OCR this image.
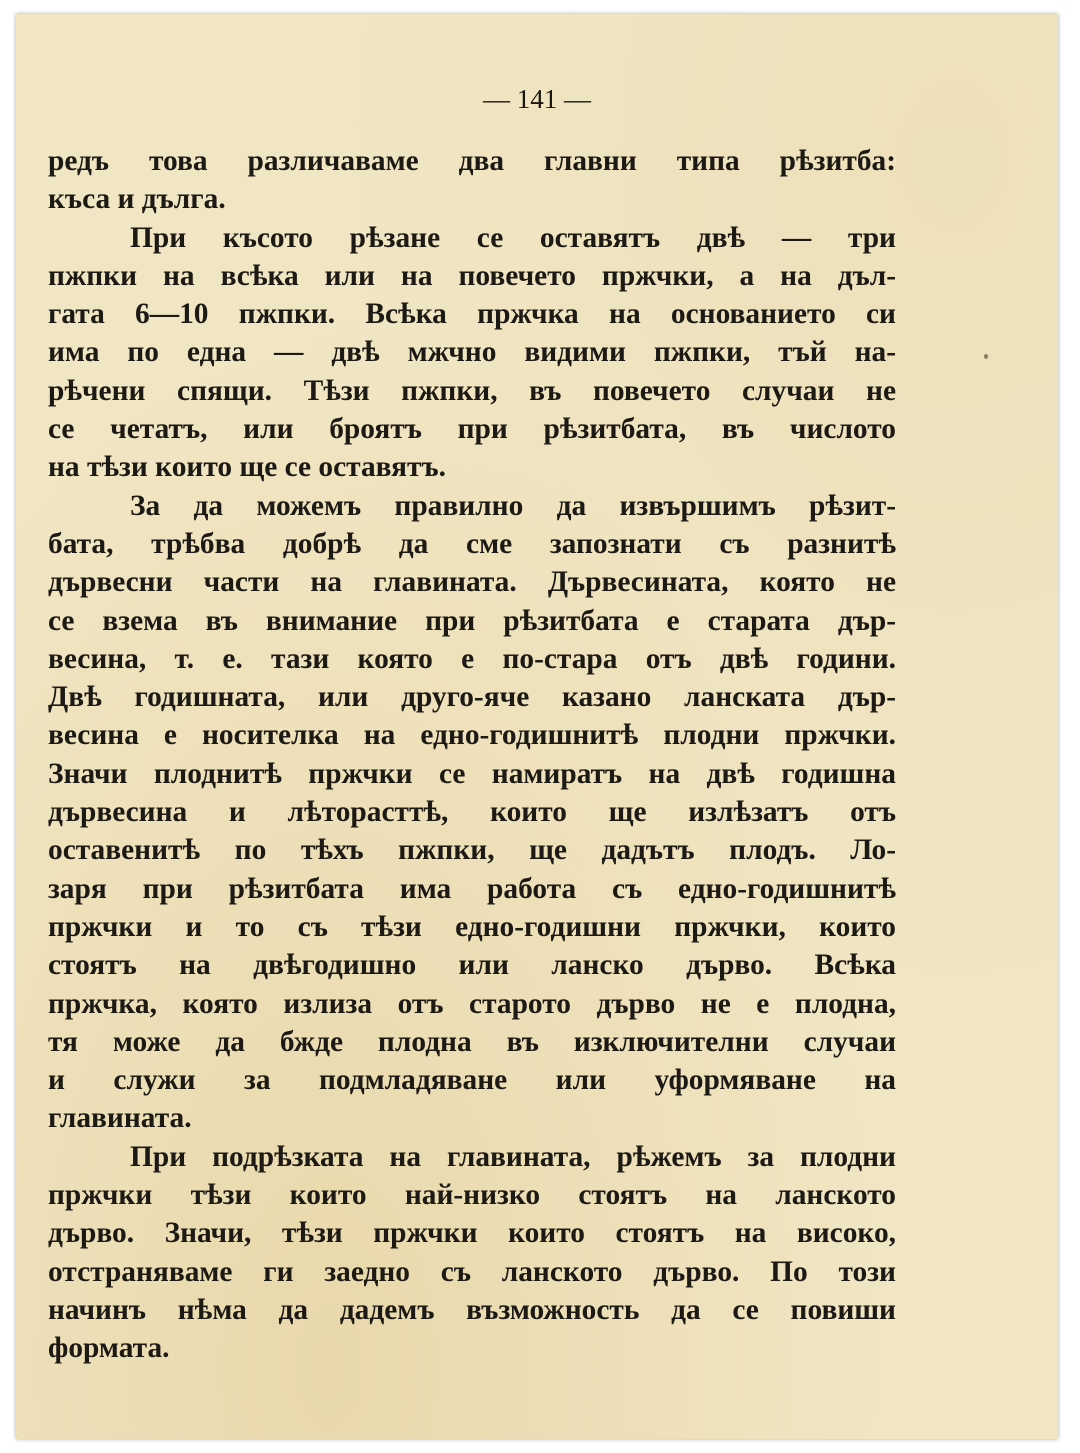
— 141 —

редъ това различаваме два главни типа рѣзитба:
къса и дълга.

При късото рѣзане се оставятъ двѣ — три
пжпки на всѣка или на повечето пржчки, а на дъл-
гата 6—10 пжпки. Всѣка пржчка на основанието си
има по една — двѣ мжчно видими пжпки, тъй на-
рѣчени спящи. Тѣзи пжпки, въ повечето случаи не
се четатъ, или броятъ при рѣзитбата, въ числото
на тѣзи които ще се оставятъ.

За да можемъ правилно да извършимъ рѣзит-
бата, трѣбва добрѣ да сме запознати съ разнитѣ
дървесни части на главината. Дървесината, която не
се взема въ внимание при рѣзитбата е старата дър-
весина, т. е. тази която е по-стара отъ двѣ години.
Двѣ годишната, или друго-яче казано ланската дър-
весина е носителка на едно-годишнитѣ плодни пржчки.
Значи плоднитѣ пржчки се намиратъ на двѣ годишна
дървесина и лѣторасттѣ, които ще излѣзатъ отъ
оставенитѣ по тѣхъ пжпки, ще дадътъ плодъ. Ло-
заря при рѣзитбата има работа съ едно-годишнитѣ
пржчки и то съ тѣзи едно-годишни пржчки, които
стоятъ на двѣгодишно или ланско дърво. Всѣка
пржчка, която излиза отъ старото дърво не е плодна,
тя може да бжде плодна въ изключителни случаи
и служи за подмладяване или уформяване на
главината.

При подрѣзката на главината, рѣжемъ за плодни
пржчки тѣзи които най-низко стоятъ на ланското
дърво. Значи, тѣзи пржчки които стоятъ на високо,
отстраняваме ги заедно съ ланското дърво. По този
начинъ нѣма да дадемъ възможность да се повиши
формата.
